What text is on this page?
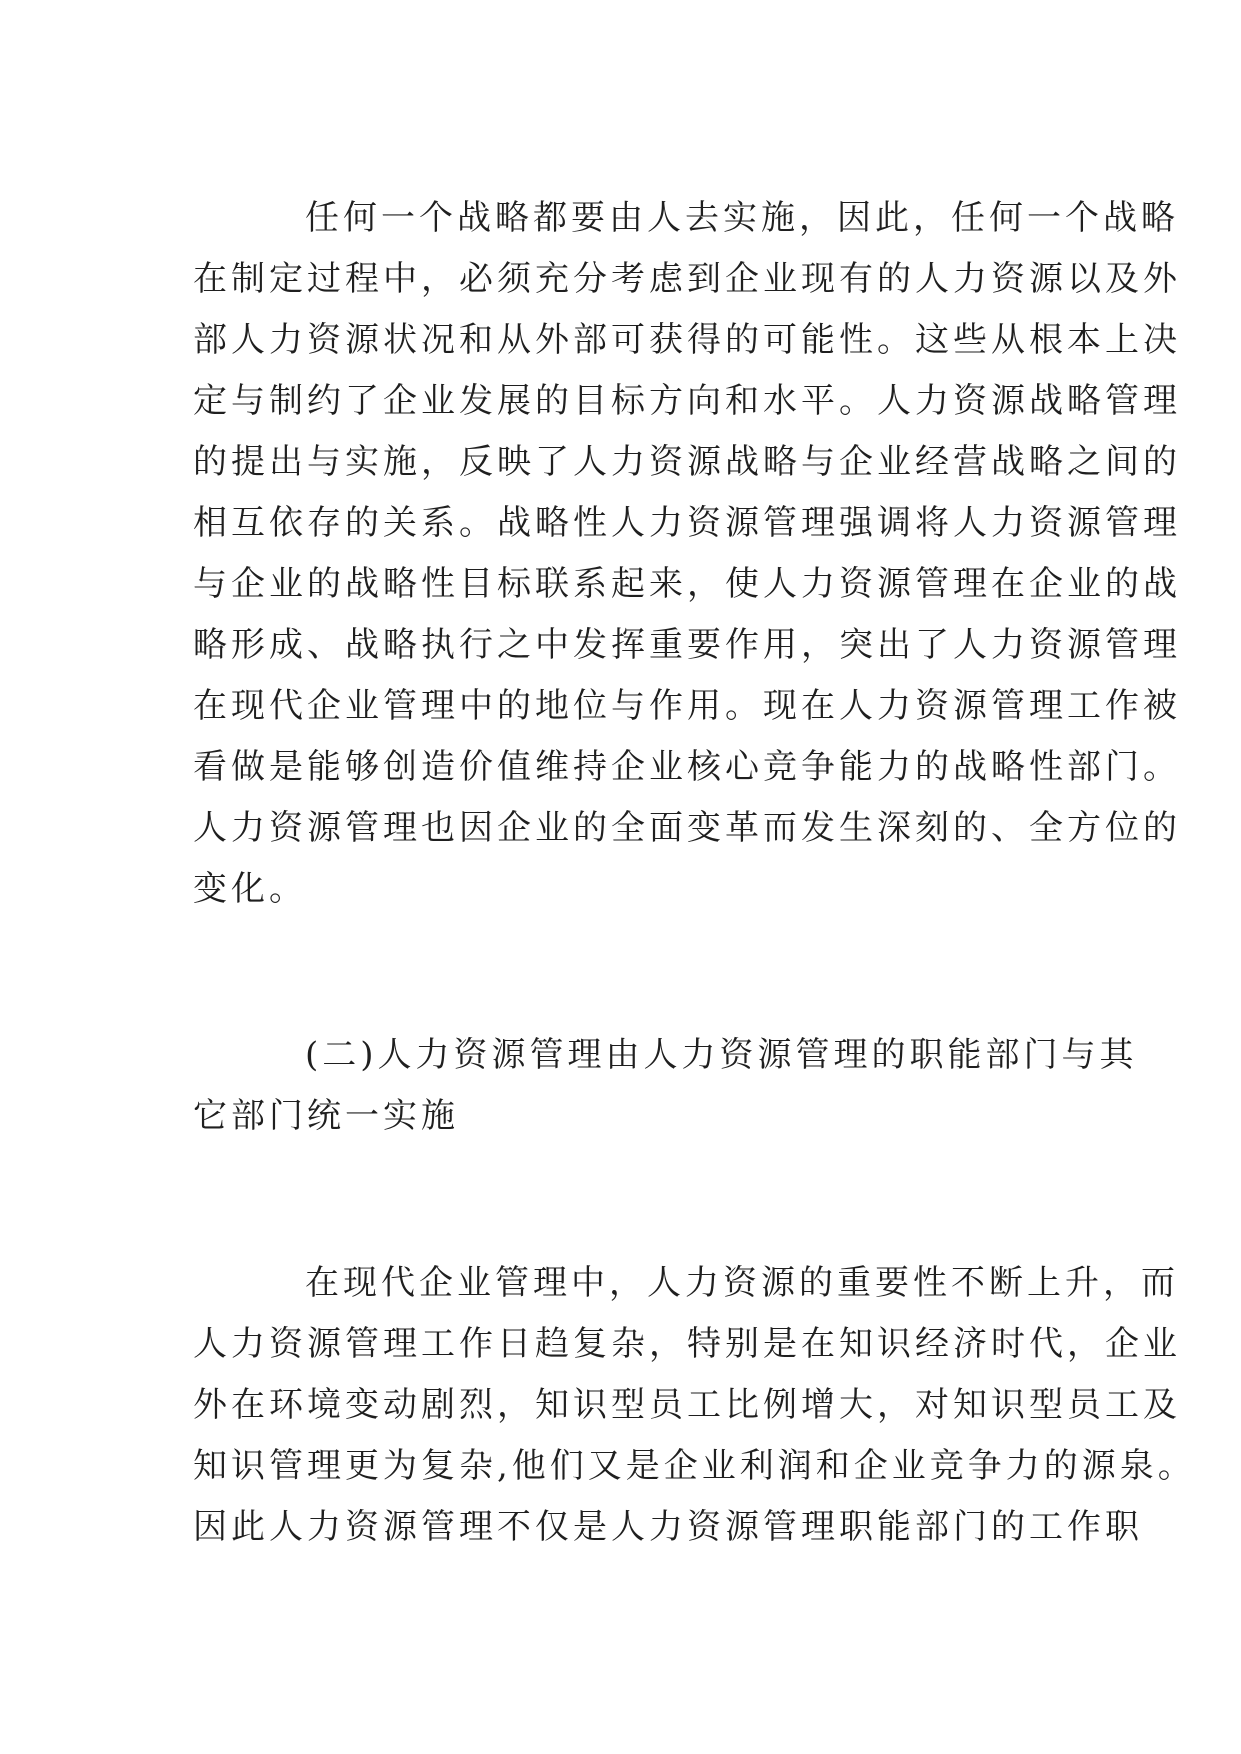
任何一个战略都要由人去实施，因此，任何一个战略
在制定过程中，必须充分考虑到企业现有的人力资源以及外
部人力资源状况和从外部可获得的可能性。这些从根本上决
定与制约了企业发展的目标方向和水平。人力资源战略管理
的提出与实施，反映了人力资源战略与企业经营战略之间的
相互依存的关系。战略性人力资源管理强调将人力资源管理
与企业的战略性目标联系起来，使人力资源管理在企业的战
略形成、战略执行之中发挥重要作用，突出了人力资源管理
在现代企业管理中的地位与作用。现在人力资源管理工作被
看做是能够创造价值维持企业核心竞争能力的战略性部门。
人力资源管理也因企业的全面变革而发生深刻的、全方位的
变化。
(二)人力资源管理由人力资源管理的职能部门与其
它部门统一实施
在现代企业管理中，人力资源的重要性不断上升，而
人力资源管理工作日趋复杂，特别是在知识经济时代，企业
外在环境变动剧烈，知识型员工比例增大，对知识型员工及
知识管理更为复杂,他们又是企业利润和企业竞争力的源泉。
因此人力资源管理不仅是人力资源管理职能部门的工作职
